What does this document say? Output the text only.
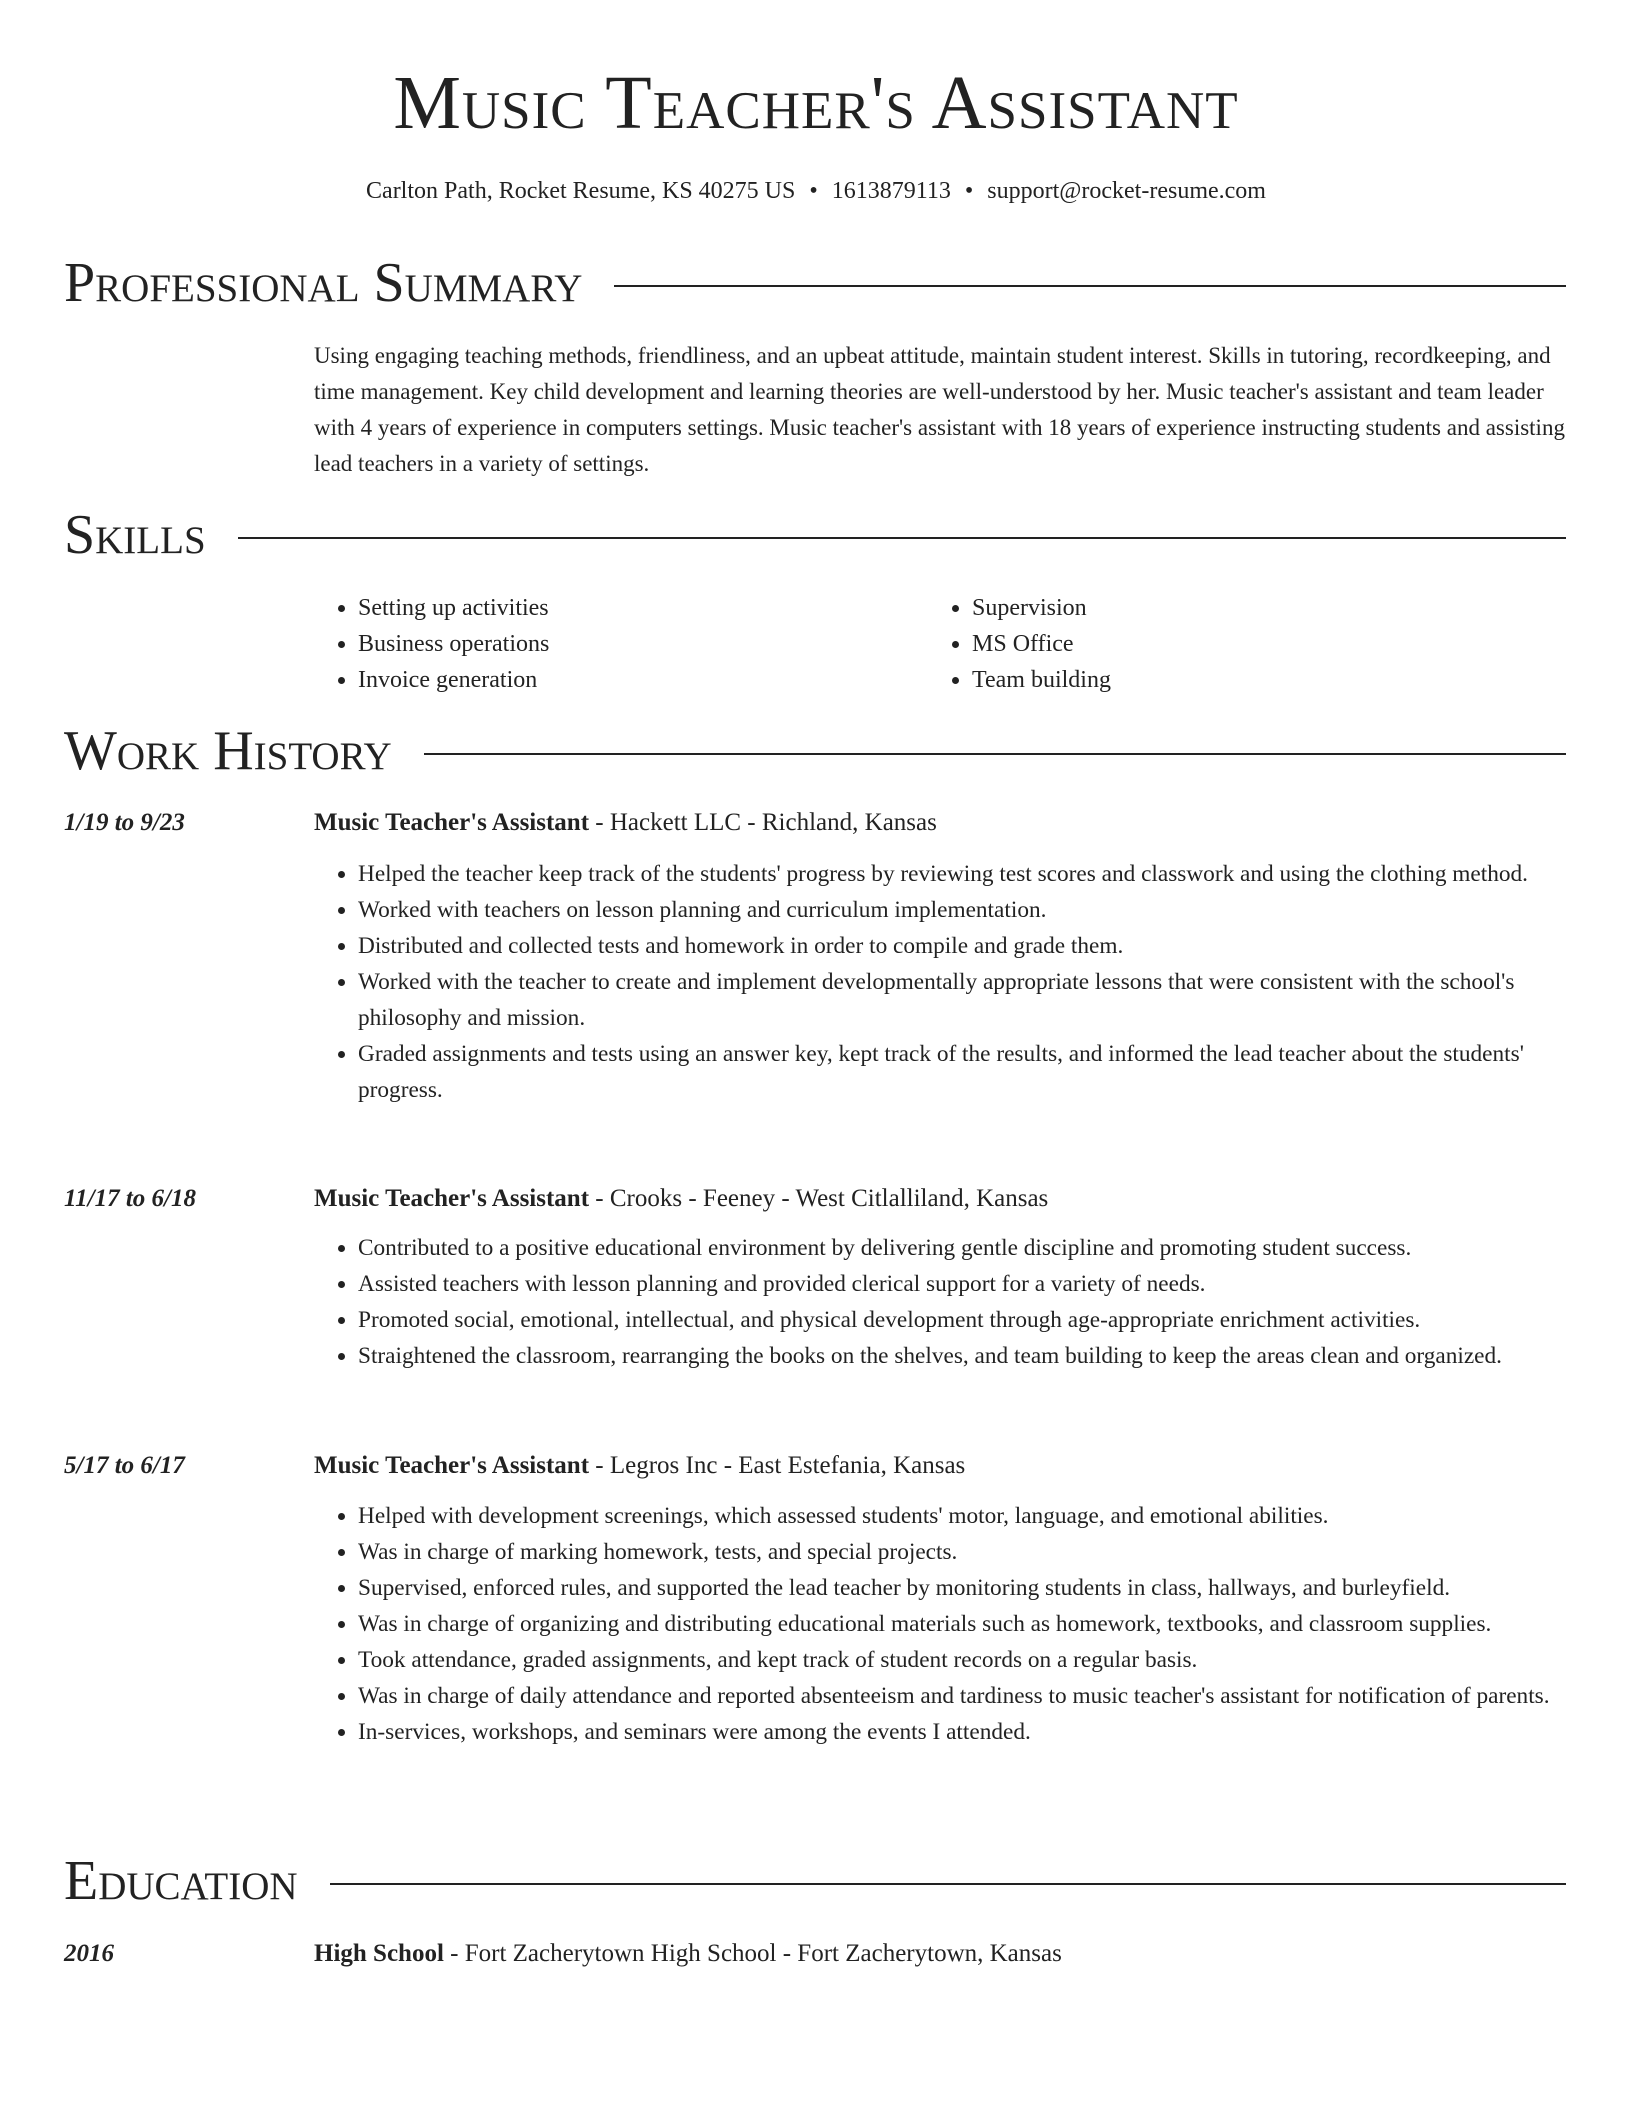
Music Teacher's Assistant
Carlton Path, Rocket Resume, KS 40275 US • 1613879113 • support@rocket-resume.com
Professional Summary

Using engaging teaching methods, friendliness, and an upbeat attitude, maintain student interest. Skills in tutoring, recordkeeping, and time management. Key child development and learning theories are well-understood by her. Music teacher's assistant and team leader with 4 years of experience in computers settings. Music teacher's assistant with 18 years of experience instructing students and assisting lead teachers in a variety of settings.

Skills
• Setting up activities
• Business operations
• Invoice generation
• Supervision
• MS Office
• Team building
Work History
1/19 to 9/23	Music Teacher's Assistant - Hackett LLC - Richland, Kansas
• Helped the teacher keep track of the students' progress by reviewing test scores and classwork and using the clothing method.
• Worked with teachers on lesson planning and curriculum implementation.
• Distributed and collected tests and homework in order to compile and grade them.
• Worked with the teacher to create and implement developmentally appropriate lessons that were consistent with the school's philosophy and mission.
• Graded assignments and tests using an answer key, kept track of the results, and informed the lead teacher about the students' progress.
11/17 to 6/18	Music Teacher's Assistant - Crooks - Feeney - West Citlalliland, Kansas
• Contributed to a positive educational environment by delivering gentle discipline and promoting student success.
• Assisted teachers with lesson planning and provided clerical support for a variety of needs.
• Promoted social, emotional, intellectual, and physical development through age-appropriate enrichment activities.
• Straightened the classroom, rearranging the books on the shelves, and team building to keep the areas clean and organized.
5/17 to 6/17	Music Teacher's Assistant - Legros Inc - East Estefania, Kansas
• Helped with development screenings, which assessed students' motor, language, and emotional abilities.
• Was in charge of marking homework, tests, and special projects.
• Supervised, enforced rules, and supported the lead teacher by monitoring students in class, hallways, and burleyfield.
• Was in charge of organizing and distributing educational materials such as homework, textbooks, and classroom supplies.
• Took attendance, graded assignments, and kept track of student records on a regular basis.
• Was in charge of daily attendance and reported absenteeism and tardiness to music teacher's assistant for notification of parents.
• In-services, workshops, and seminars were among the events I attended.
Education
2016	High School - Fort Zacherytown High School - Fort Zacherytown, Kansas
